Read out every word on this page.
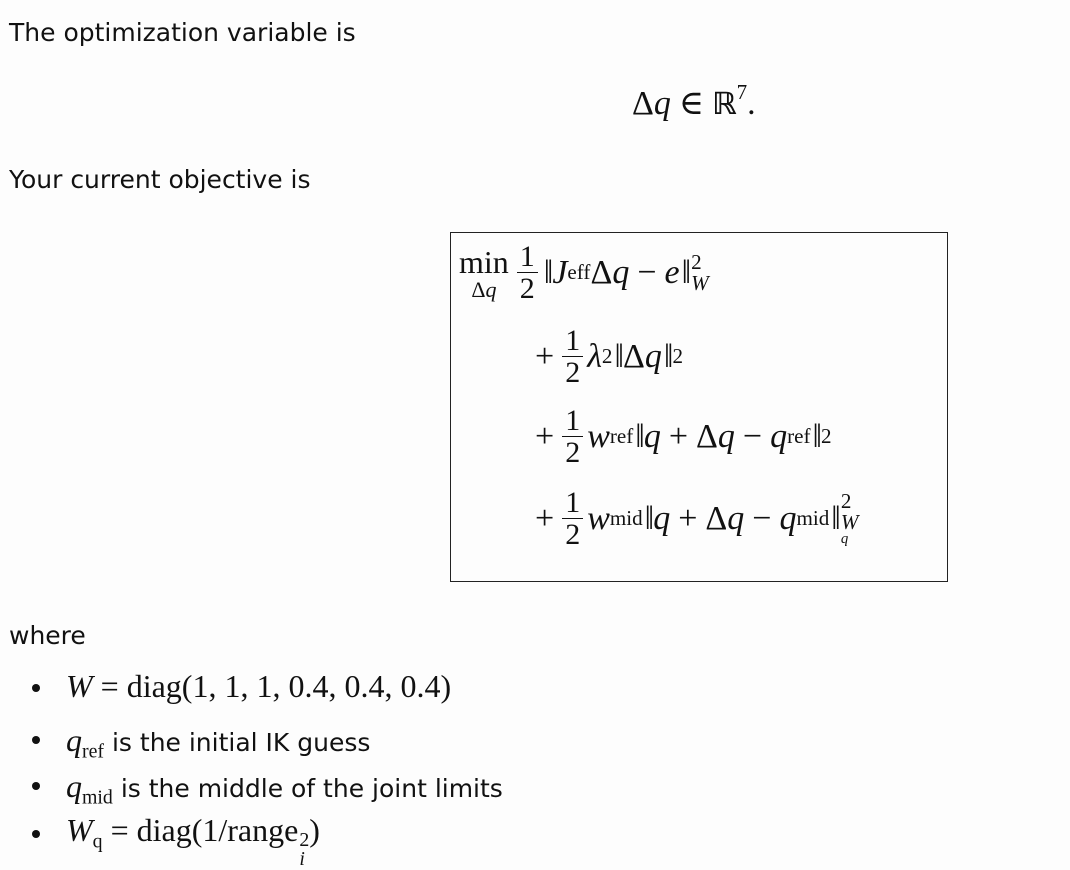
The optimization variable is

Δq ∈ ℝ$^7$.

Your current objective is

min
Δq $\frac{1}{2}$ ‖ J eff Δ q − e ‖ 2
W
+ $\frac{1}{2}$ λ 2 ‖ Δ q ‖ 2
+ $\frac{1}{2}$ w ref ‖ q + Δ q − q ref ‖ 2
+ $\frac{1}{2}$ w mid ‖ q + Δ q − q mid ‖ 2
W
q

where

W = diag(1, 1, 1, 0.4, 0.4, 0.4)
$q_{ref}$ is the initial IK guess
$q_{mid}$ is the middle of the joint limits
$W_q$ = diag(1/range 2
i
)
